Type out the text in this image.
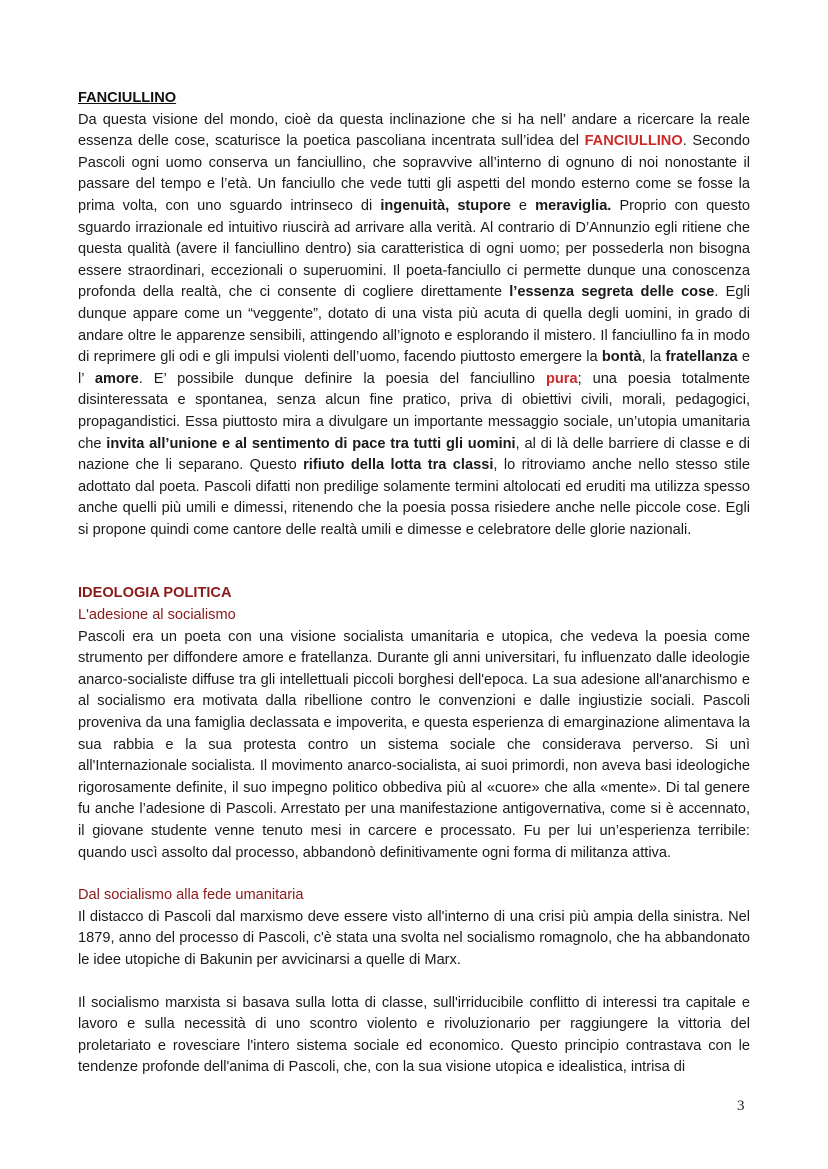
FANCIULLINO

Da questa visione del mondo, cioè da questa inclinazione che si ha nell’ andare a ricercare la reale essenza delle cose, scaturisce la poetica pascoliana incentrata sull’idea del FANCIULLINO. Secondo Pascoli ogni uomo conserva un fanciullino, che sopravvive all’interno di ognuno di noi nonostante il passare del tempo e l’età. Un fanciullo che vede tutti gli aspetti del mondo esterno come se fosse la prima volta, con uno sguardo intrinseco di ingenuità, stupore e meraviglia. Proprio con questo sguardo irrazionale ed intuitivo riuscirà ad arrivare alla verità. Al contrario di D’Annunzio egli ritiene che questa qualità (avere il fanciullino dentro) sia caratteristica di ogni uomo; per possederla non bisogna essere straordinari, eccezionali o superuomini. Il poeta-fanciullo ci permette dunque una conoscenza profonda della realtà, che ci consente di cogliere direttamente l’essenza segreta delle cose. Egli dunque appare come un “veggente”, dotato di una vista più acuta di quella degli uomini, in grado di andare oltre le apparenze sensibili, attingendo all’ignoto e esplorando il mistero. Il fanciullino fa in modo di reprimere gli odi e gli impulsi violenti dell’uomo, facendo piuttosto emergere la bontà, la fratellanza e l’ amore. E’ possibile dunque definire la poesia del fanciullino pura; una poesia totalmente disinteressata e spontanea, senza alcun fine pratico, priva di obiettivi civili, morali, pedagogici, propagandistici. Essa piuttosto mira a divulgare un importante messaggio sociale, un’utopia umanitaria che invita all’unione e al sentimento di pace tra tutti gli uomini, al di là delle barriere di classe e di nazione che li separano. Questo rifiuto della lotta tra classi, lo ritroviamo anche nello stesso stile adottato dal poeta. Pascoli difatti non predilige solamente termini altolocati ed eruditi ma utilizza spesso anche quelli più umili e dimessi, ritenendo che la poesia possa risiedere anche nelle piccole cose. Egli si propone quindi come cantore delle realtà umili e dimesse e celebratore delle glorie nazionali.

IDEOLOGIA POLITICA

L'adesione al socialismo

Pascoli era un poeta con una visione socialista umanitaria e utopica, che vedeva la poesia come strumento per diffondere amore e fratellanza. Durante gli anni universitari, fu influenzato dalle ideologie anarco-socialiste diffuse tra gli intellettuali piccoli borghesi dell'epoca. La sua adesione all'anarchismo e al socialismo era motivata dalla ribellione contro le convenzioni e dalle ingiustizie sociali. Pascoli proveniva da una famiglia declassata e impoverita, e questa esperienza di emarginazione alimentava la sua rabbia e la sua protesta contro un sistema sociale che considerava perverso. Si unì all'Internazionale socialista. Il movimento anarco-socialista, ai suoi primordi, non aveva basi ideologiche rigorosamente definite, il suo impegno politico obbediva più al «cuore» che alla «mente». Di tal genere fu anche l’adesione di Pascoli. Arrestato per una manifestazione antigovernativa, come si è accennato, il giovane studente venne tenuto mesi in carcere e processato. Fu per lui un’esperienza terribile: quando uscì assolto dal processo, abbandonò definitivamente ogni forma di militanza attiva.

Dal socialismo alla fede umanitaria

Il distacco di Pascoli dal marxismo deve essere visto all'interno di una crisi più ampia della sinistra. Nel 1879, anno del processo di Pascoli, c'è stata una svolta nel socialismo romagnolo, che ha abbandonato le idee utopiche di Bakunin per avvicinarsi a quelle di Marx.

Il socialismo marxista si basava sulla lotta di classe, sull'irriducibile conflitto di interessi tra capitale e lavoro e sulla necessità di uno scontro violento e rivoluzionario per raggiungere la vittoria del proletariato e rovesciare l'intero sistema sociale ed economico. Questo principio contrastava con le tendenze profonde dell'anima di Pascoli, che, con la sua visione utopica e idealistica, intrisa di

3
